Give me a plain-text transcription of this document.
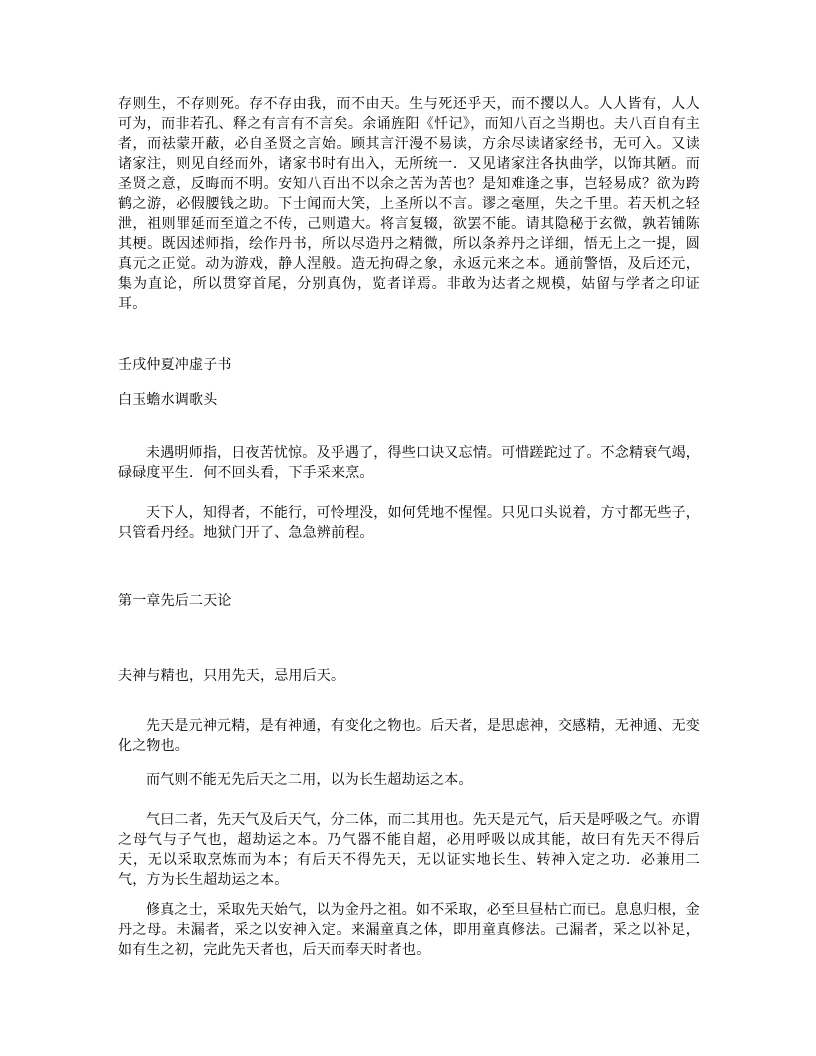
存则生，不存则死。存不存由我，而不由天。生与死还乎天，而不撄以人。人人皆有，人人可为，而非若孔、释之有言有不言矣。余诵旌阳《忏记》，而知八百之当期也。夫八百自有主者，而祛蒙开蔽，必自圣贤之言始。顾其言汗漫不易读，方余尽读诸家经书，无可入。又读诸家注，则见自经而外，诸家书时有出入，无所统一．又见诸家注各执曲学，以饰其陋。而圣贤之意，反晦而不明。安知八百出不以余之苦为苦也？是知难逢之事，岂轻易成？欲为跨鹤之游，必假腰钱之助。下士闻而大笑，上圣所以不言。谬之毫厘，失之千里。若天机之轻泄，祖则罪延而至道之不传，己则遣大。将言复辍，欲罢不能。请其隐秘于玄微，孰若铺陈其梗。既因述师指，绘作丹书，所以尽造丹之精微，所以条养丹之详细，悟无上之一提，圆真元之正觉。动为游戏，静人涅般。造无拘碍之象，永返元来之本。通前警悟，及后还元，集为直论，所以贯穿首尾，分别真伪，览者详焉。非敢为达者之规模，姑留与学者之印证耳。

壬戌仲夏冲虚子书

白玉蟾水调歌头

未遇明师指，日夜苦忧惊。及乎遇了，得些口诀又忘情。可惜蹉跎过了。不念精衰气竭，碌碌度平生．何不回头看，下手采来烹。

天下人，知得者，不能行，可怜埋没，如何凭地不惺惺。只见口头说着，方寸都无些子，只管看丹经。地狱门开了、急急辨前程。

第一章先后二天论

夫神与精也，只用先天，忌用后天。

先天是元神元精，是有神通，有变化之物也。后天者，是思虑神，交感精，无神通、无变化之物也。

而气则不能无先后天之二用，以为长生超劫运之本。

气曰二者，先天气及后天气，分二体，而二其用也。先天是元气，后天是呼吸之气。亦谓之母气与子气也，超劫运之本。乃气器不能自超，必用呼吸以成其能，故曰有先天不得后天，无以采取烹炼而为本；有后天不得先天，无以证实地长生、转神入定之功．必兼用二气，方为长生超劫运之本。

修真之士，采取先天始气，以为金丹之祖。如不采取，必至旦昼枯亡而已。息息归根，金丹之母。未漏者，采之以安神入定。来漏童真之体，即用童真修法。己漏者，采之以补足，如有生之初，完此先天者也，后天而奉天时者也。
